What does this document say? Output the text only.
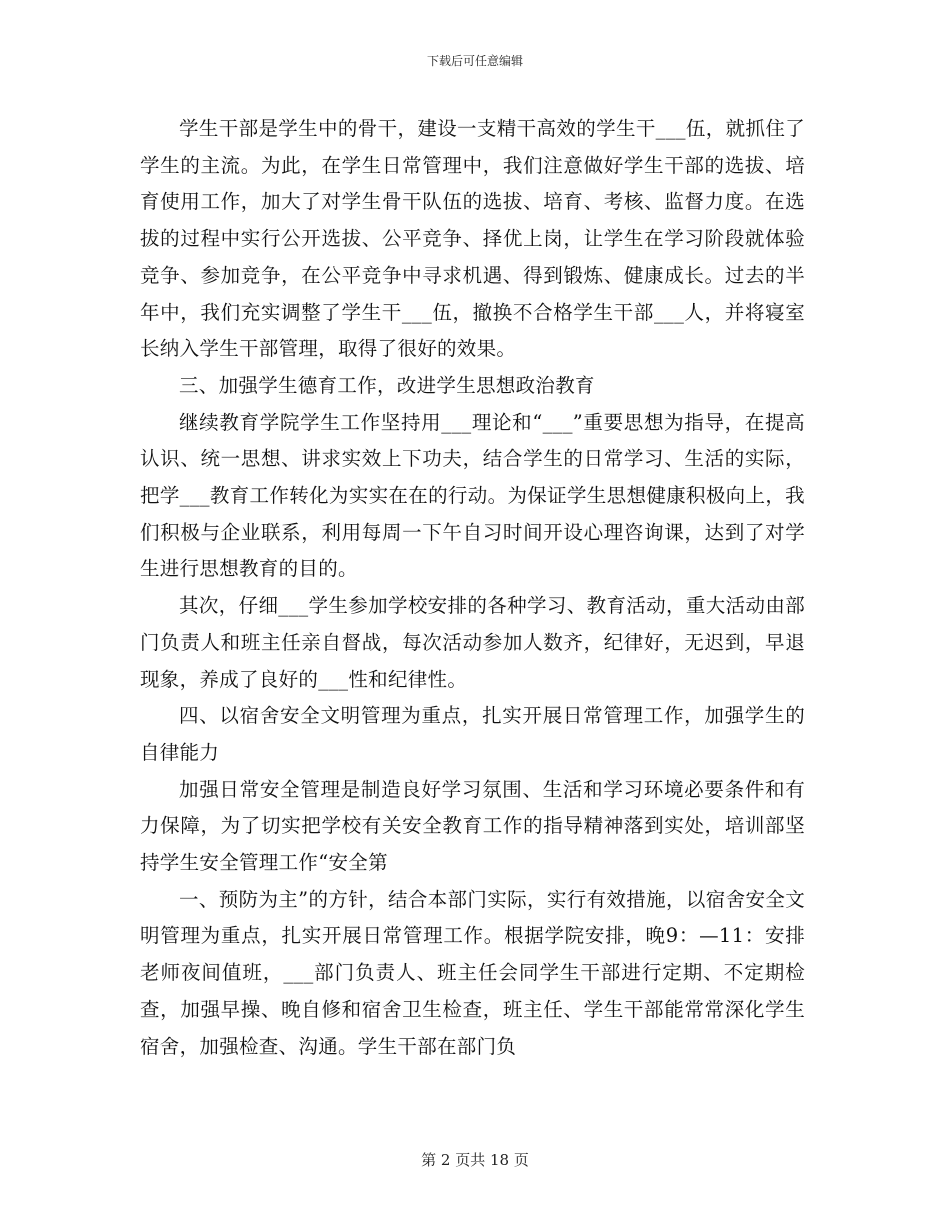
下载后可任意编辑

学生干部是学生中的骨干，建设一支精干高效的学生干___伍，就抓住了学生的主流。为此，在学生日常管理中，我们注意做好学生干部的选拔、培育使用工作，加大了对学生骨干队伍的选拔、培育、考核、监督力度。在选拔的过程中实行公开选拔、公平竞争、择优上岗，让学生在学习阶段就体验竞争、参加竞争，在公平竞争中寻求机遇、得到锻炼、健康成长。过去的半年中，我们充实调整了学生干___伍，撤换不合格学生干部___人，并将寝室长纳入学生干部管理，取得了很好的效果。

三、加强学生德育工作，改进学生思想政治教育

继续教育学院学生工作坚持用___理论和“___”重要思想为指导，在提高认识、统一思想、讲求实效上下功夫，结合学生的日常学习、生活的实际，把学___教育工作转化为实实在在的行动。为保证学生思想健康积极向上，我们积极与企业联系，利用每周一下午自习时间开设心理咨询课，达到了对学生进行思想教育的目的。

其次，仔细___学生参加学校安排的各种学习、教育活动，重大活动由部门负责人和班主任亲自督战，每次活动参加人数齐，纪律好，无迟到，早退现象，养成了良好的___性和纪律性。

四、以宿舍安全文明管理为重点，扎实开展日常管理工作，加强学生的自律能力

加强日常安全管理是制造良好学习氛围、生活和学习环境必要条件和有力保障，为了切实把学校有关安全教育工作的指导精神落到实处，培训部坚持学生安全管理工作“安全第

一、预防为主”的方针，结合本部门实际，实行有效措施，以宿舍安全文明管理为重点，扎实开展日常管理工作。根据学院安排，晚9：—11：安排老师夜间值班，___部门负责人、班主任会同学生干部进行定期、不定期检查，加强早操、晚自修和宿舍卫生检查，班主任、学生干部能常常深化学生宿舍，加强检查、沟通。学生干部在部门负

第 2 页共 18 页
